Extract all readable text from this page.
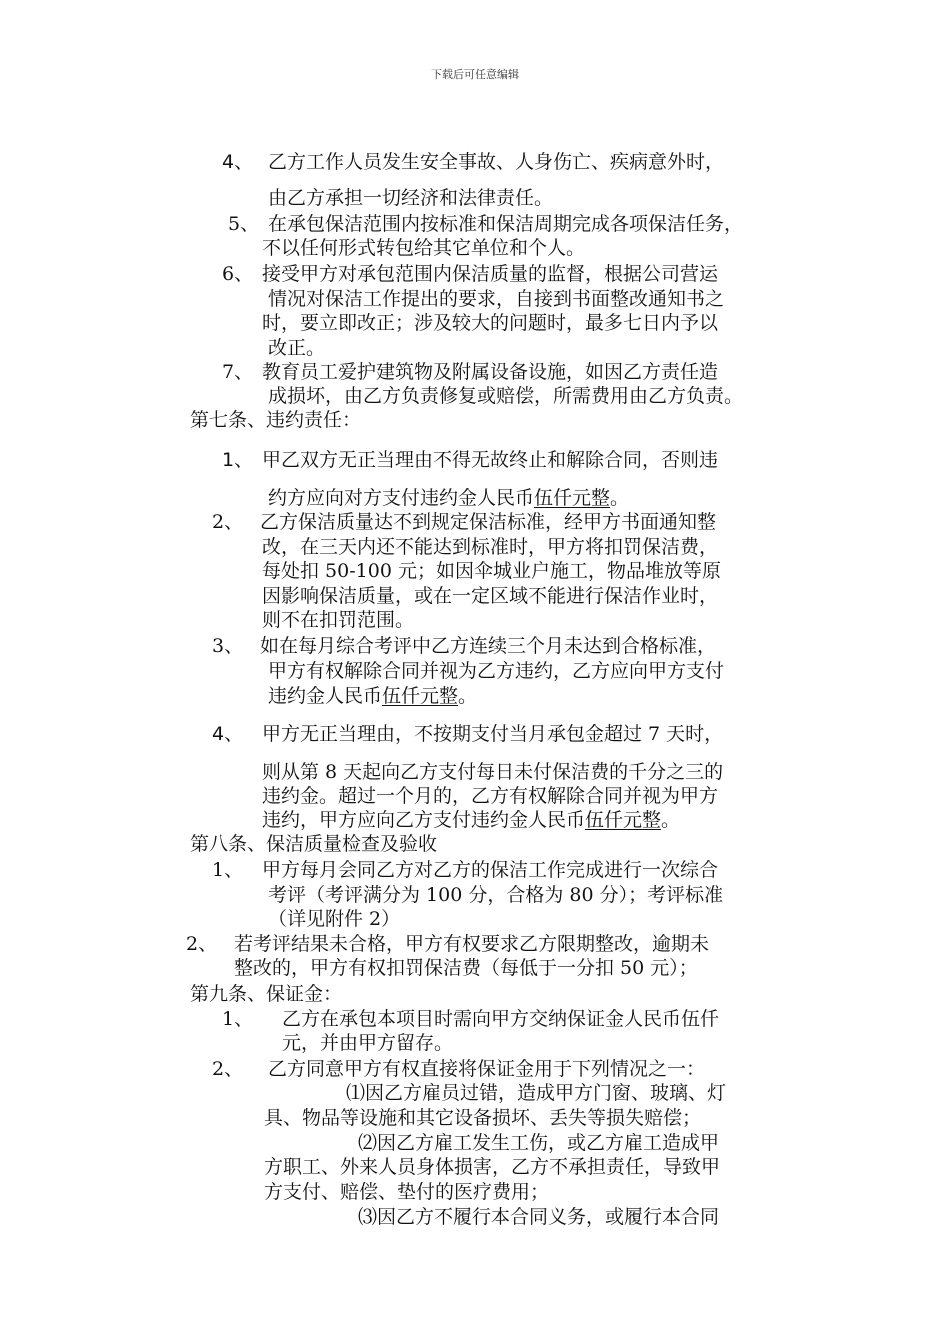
下载后可任意编辑
4、 乙方工作人员发生安全事故、人身伤亡、疾病意外时，
由乙方承担一切经济和法律责任。
5、 在承包保洁范围内按标准和保洁周期完成各项保洁任务，
不以任何形式转包给其它单位和个人。
6、 接受甲方对承包范围内保洁质量的监督，根据公司营运
情况对保洁工作提出的要求，自接到书面整改通知书之
时，要立即改正；涉及较大的问题时，最多七日内予以
改正。
7、 教育员工爱护建筑物及附属设备设施，如因乙方责任造
成损坏，由乙方负责修复或赔偿，所需费用由乙方负责。
第七条、违约责任：
1、 甲乙双方无正当理由不得无故终止和解除合同，否则违
约方应向对方支付违约金人民币伍仟元整。
2、 乙方保洁质量达不到规定保洁标准，经甲方书面通知整
改，在三天内还不能达到标准时，甲方将扣罚保洁费，
每处扣 50-100 元；如因伞城业户施工，物品堆放等原
因影响保洁质量，或在一定区域不能进行保洁作业时，
则不在扣罚范围。
3、 如在每月综合考评中乙方连续三个月未达到合格标准，
甲方有权解除合同并视为乙方违约，乙方应向甲方支付
违约金人民币伍仟元整。
4、 甲方无正当理由，不按期支付当月承包金超过 7 天时，
则从第 8 天起向乙方支付每日未付保洁费的千分之三的
违约金。超过一个月的，乙方有权解除合同并视为甲方
违约，甲方应向乙方支付违约金人民币伍仟元整。
第八条、保洁质量检查及验收
1、 甲方每月会同乙方对乙方的保洁工作完成进行一次综合
考评（考评满分为 100 分，合格为 80 分）；考评标准
（详见附件 2）
2、 若考评结果未合格，甲方有权要求乙方限期整改，逾期未
整改的，甲方有权扣罚保洁费（每低于一分扣 50 元）；
第九条、保证金：
1、 乙方在承包本项目时需向甲方交纳保证金人民币伍仟
元，并由甲方留存。
2、 乙方同意甲方有权直接将保证金用于下列情况之一：
⑴因乙方雇员过错，造成甲方门窗、玻璃、灯
具、物品等设施和其它设备损坏、丢失等损失赔偿；
⑵因乙方雇工发生工伤，或乙方雇工造成甲
方职工、外来人员身体损害，乙方不承担责任，导致甲
方支付、赔偿、垫付的医疗费用；
⑶因乙方不履行本合同义务，或履行本合同
